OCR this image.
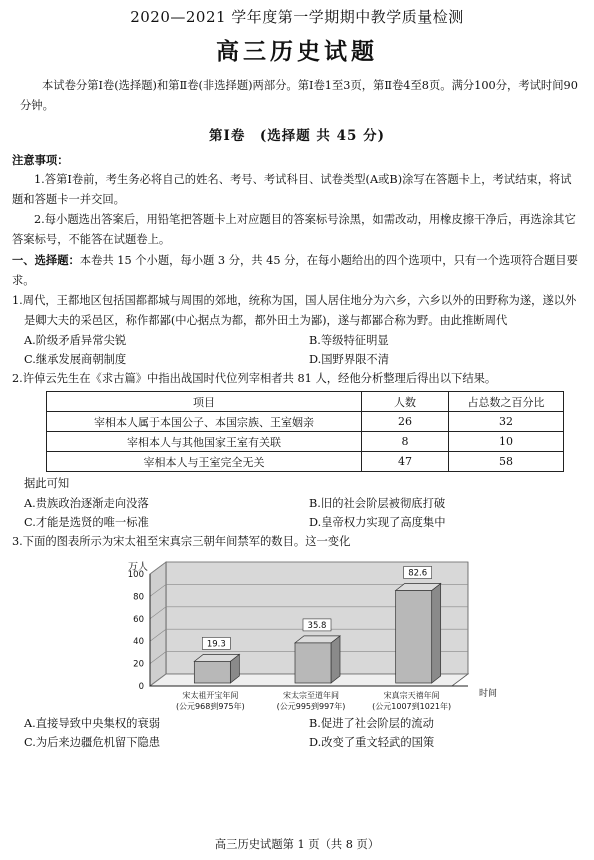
2020—2021 学年度第一学期期中教学质量检测
高三历史试题
本试卷分第Ⅰ卷(选择题)和第Ⅱ卷(非选择题)两部分。第Ⅰ卷1至3页，第Ⅱ卷4至8页。满分100分，考试时间90分钟。
第Ⅰ卷　(选择题 共 45 分)
注意事项：
1.答第Ⅰ卷前，考生务必将自己的姓名、考号、考试科目、试卷类型(A或B)涂写在答题卡上，考试结束，将试题和答题卡一并交回。
2.每小题选出答案后，用铅笔把答题卡上对应题目的答案标号涂黑，如需改动，用橡皮擦干净后，再选涂其它答案标号，不能答在试题卷上。
一、选择题：本卷共 15 个小题，每小题 3 分，共 45 分，在每小题给出的四个选项中，只有一个选项符合题目要求。
1.周代，王都地区包括国都都城与周围的郊地，统称为国，国人居住地分为六乡，六乡以外的田野称为遂，遂以外是卿大夫的采邑区，称作都鄙(中心据点为都，都外田土为鄙)，遂与都鄙合称为野。由此推断周代
A.阶级矛盾异常尖锐	B.等级特征明显
C.继承发展商朝制度	D.国野界限不清
2.许倬云先生在《求古篇》中指出战国时代位列宰相者共 81 人，经他分析整理后得出以下结果。
项目	人数	占总数之百分比
宰相本人属于本国公子、本国宗族、王室姻亲	26	32
宰相本人与其他国家王室有关联	8	10
宰相本人与王室完全无关	47	58
据此可知
A.贵族政治逐渐走向没落	B.旧的社会阶层被彻底打破
C.才能是选贤的唯一标准	D.皇帝权力实现了高度集中
3.下面的图表所示为宋太祖至宋真宗三朝年间禁军的数目。这一变化
0
20
40
60
80
100
万人
时间
19.3
宋太祖开宝年间
(公元968到975年)
35.8
宋太宗至道年间
(公元995到997年)
82.6
宋真宗天禧年间
(公元1007到1021年)
A.直接导致中央集权的衰弱	B.促进了社会阶层的流动
C.为后来边疆危机留下隐患	D.改变了重文轻武的国策
高三历史试题第 1 页（共 8 页）
